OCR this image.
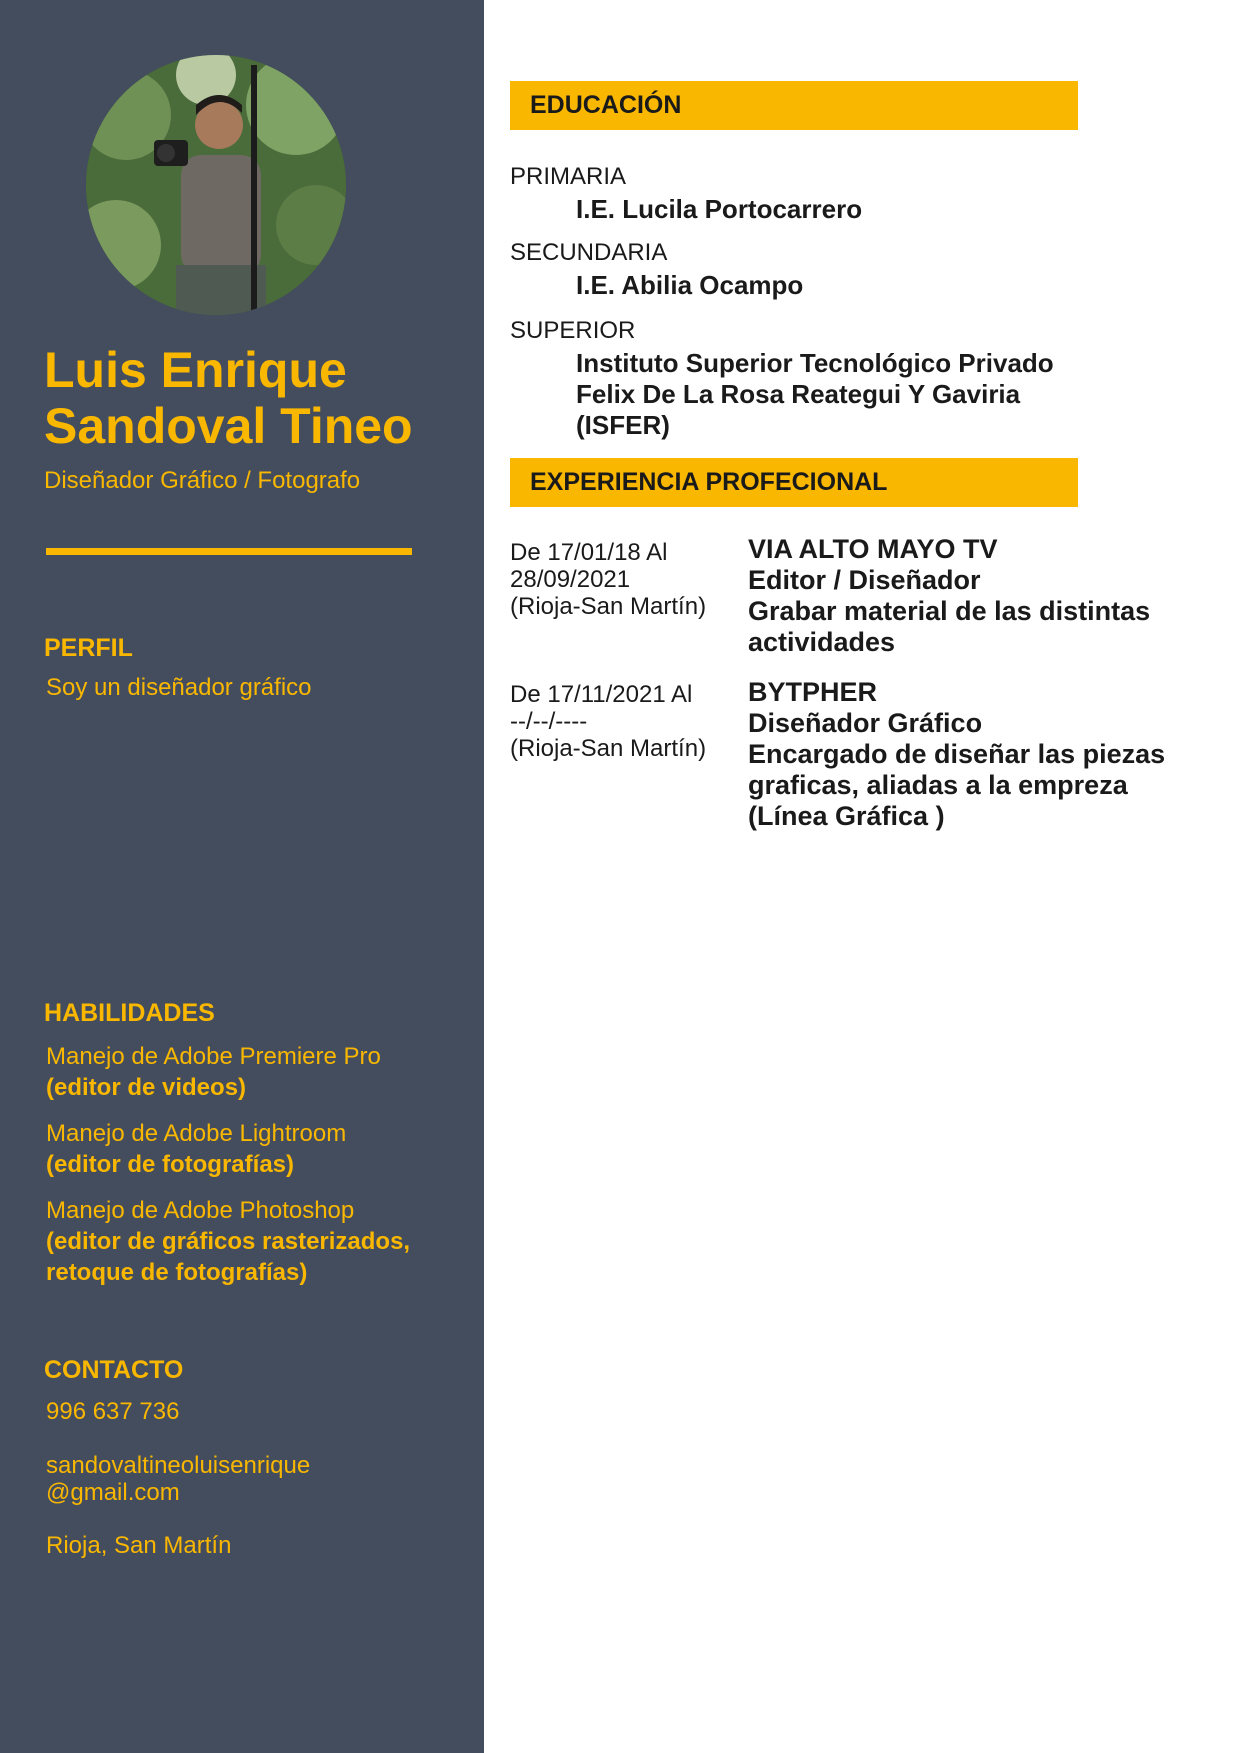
Luis Enrique
Sandoval Tineo
Diseñador Gráfico / Fotografo
PERFIL
Soy un diseñador gráfico
HABILIDADES
Manejo de Adobe Premiere Pro
(editor de videos)
Manejo de Adobe Lightroom
(editor de fotografías)
Manejo de Adobe Photoshop
(editor de gráficos rasterizados,
retoque de fotografías)
CONTACTO
996 637 736
sandovaltineoluisenrique
@gmail.com
Rioja, San Martín
EDUCACIÓN
PRIMARIA
I.E. Lucila Portocarrero
SECUNDARIA
I.E. Abilia Ocampo
SUPERIOR
Instituto Superior Tecnológico Privado
Felix De La Rosa Reategui Y Gaviria
(ISFER)
EXPERIENCIA PROFECIONAL
De 17/01/18 Al
28/09/2021
(Rioja-San Martín)
VIA ALTO MAYO TV
Editor / Diseñador
Grabar material de las distintas
actividades
De 17/11/2021 Al
--/--/----
(Rioja-San Martín)
BYTPHER
Diseñador Gráfico
Encargado de diseñar las piezas
graficas, aliadas a la empreza
(Línea Gráfica )
